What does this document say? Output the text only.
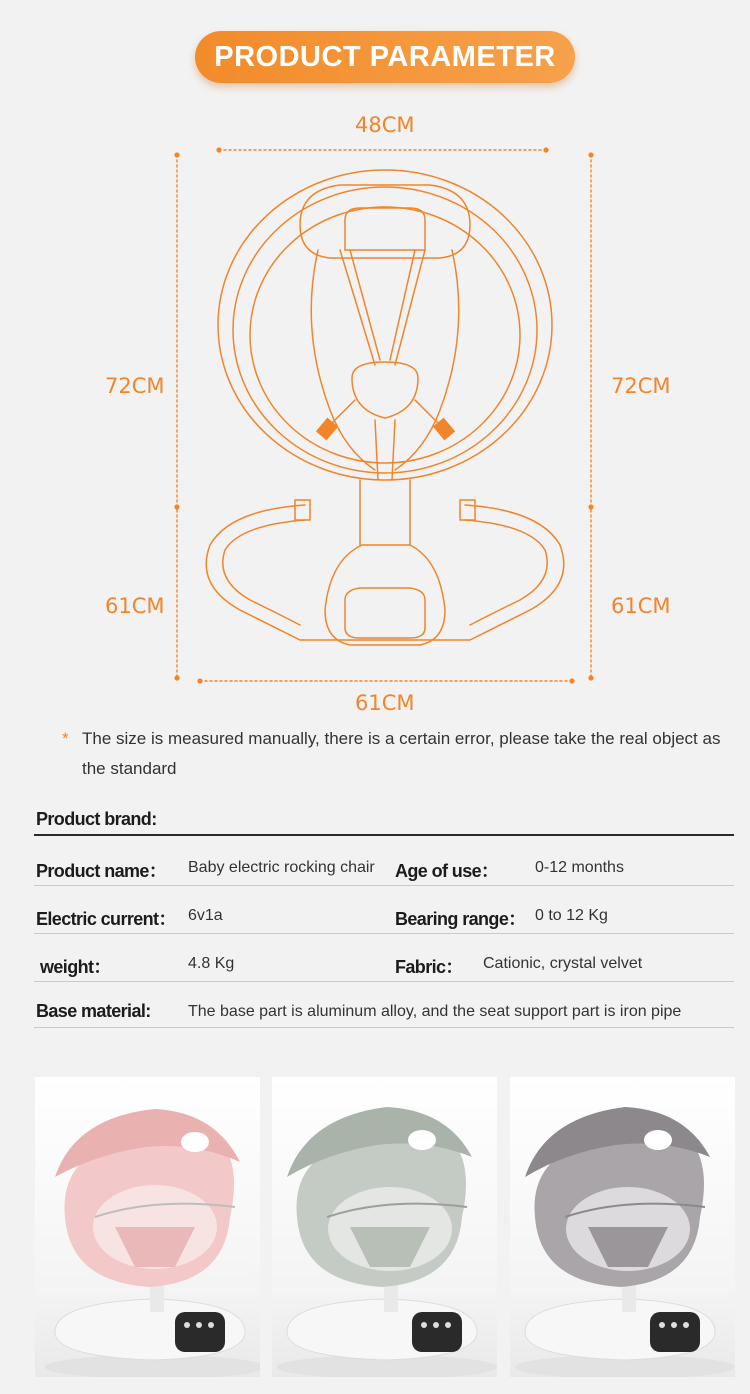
PRODUCT PARAMETER
48CM
72CM	72CM
61CM	61CM
61CM
* The size is measured manually, there is a certain error, please take the real object as the standard
Product brand:
Product name： Baby electric rocking chair Age of use： 0-12 months
Electric current： 6v1a	Bearing range： 0 to 12 Kg
weight：	4.8 Kg	Fabric： Cationic, crystal velvet
Base material: The base part is aluminum alloy, and the seat support part is iron pipe
